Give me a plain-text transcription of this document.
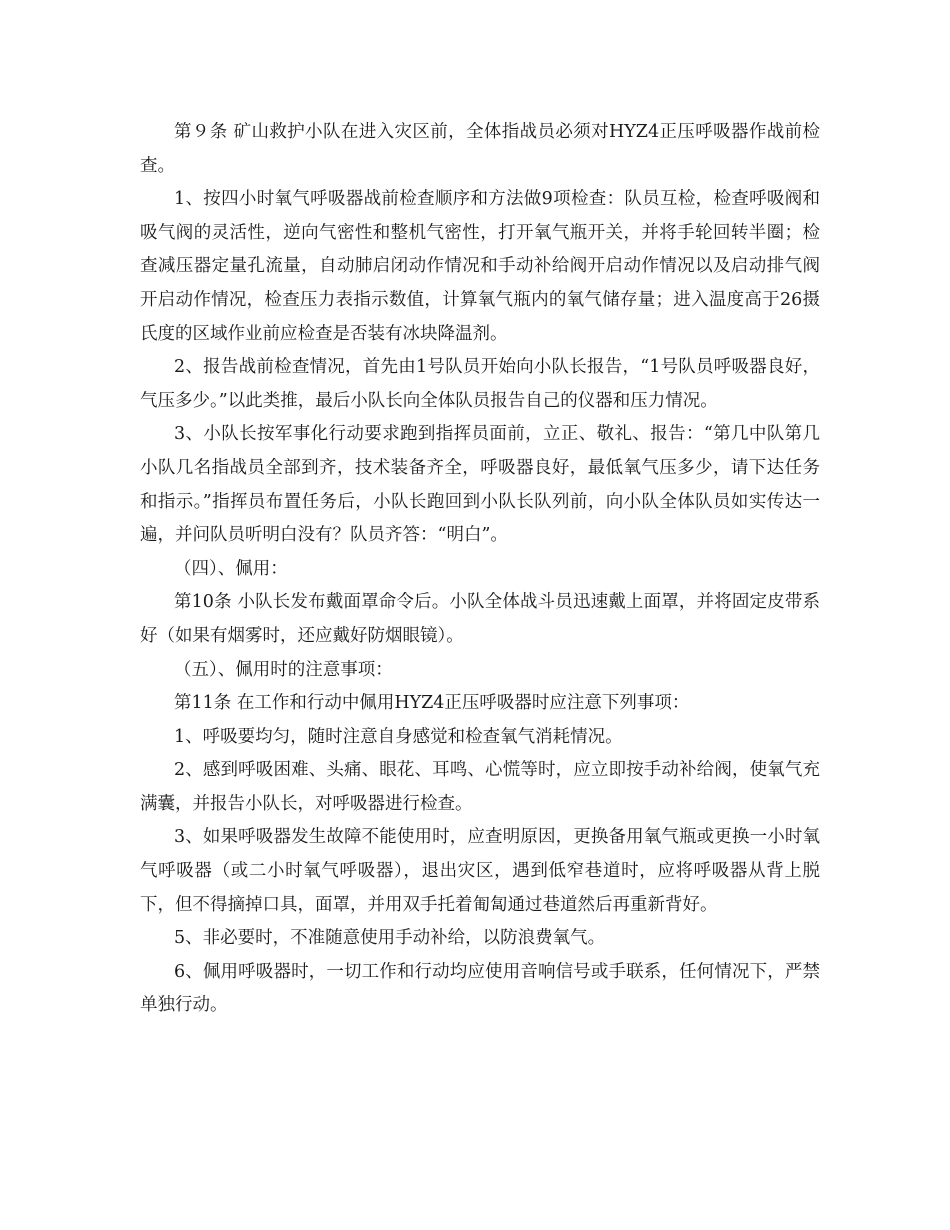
第９条 矿山救护小队在进入灾区前，全体指战员必须对HYZ4正压呼吸器作战前检查。

1、按四小时氧气呼吸器战前检查顺序和方法做9项检查：队员互检，检查呼吸阀和吸气阀的灵活性，逆向气密性和整机气密性，打开氧气瓶开关，并将手轮回转半圈；检查减压器定量孔流量，自动肺启闭动作情况和手动补给阀开启动作情况以及启动排气阀开启动作情况，检查压力表指示数值，计算氧气瓶内的氧气储存量；进入温度高于26摄氏度的区域作业前应检查是否装有冰块降温剂。

2、报告战前检查情况，首先由1号队员开始向小队长报告，“1号队员呼吸器良好，气压多少。”以此类推，最后小队长向全体队员报告自己的仪器和压力情况。

3、小队长按军事化行动要求跑到指挥员面前，立正、敬礼、报告：“第几中队第几小队几名指战员全部到齐，技术装备齐全，呼吸器良好，最低氧气压多少，请下达任务和指示。”指挥员布置任务后，小队长跑回到小队长队列前，向小队全体队员如实传达一遍，并问队员听明白没有？队员齐答：“明白”。

（四）、佩用：

第10条 小队长发布戴面罩命令后。小队全体战斗员迅速戴上面罩，并将固定皮带系好（如果有烟雾时，还应戴好防烟眼镜）。

（五）、佩用时的注意事项：

第11条 在工作和行动中佩用HYZ4正压呼吸器时应注意下列事项：

1、呼吸要均匀，随时注意自身感觉和检查氧气消耗情况。

2、感到呼吸困难、头痛、眼花、耳鸣、心慌等时，应立即按手动补给阀，使氧气充满囊，并报告小队长，对呼吸器进行检查。

3、如果呼吸器发生故障不能使用时，应查明原因，更换备用氧气瓶或更换一小时氧气呼吸器（或二小时氧气呼吸器），退出灾区，遇到低窄巷道时，应将呼吸器从背上脱下，但不得摘掉口具，面罩，并用双手托着匍匐通过巷道然后再重新背好。

5、非必要时，不准随意使用手动补给，以防浪费氧气。

6、佩用呼吸器时，一切工作和行动均应使用音响信号或手联系，任何情况下，严禁单独行动。
